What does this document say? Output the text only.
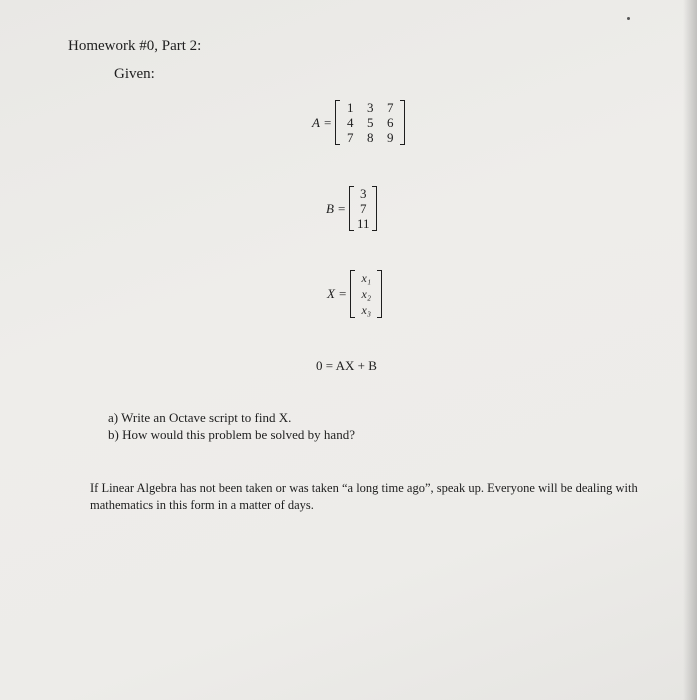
Homework #0, Part 2:
Given:
A =
1	3	7
4	5	6
7	8	9
B =
3
7
11
X =
x₁
x₂
x₃
0 = AX + B
a) Write an Octave script to find X.
b) How would this problem be solved by hand?
If Linear Algebra has not been taken or was taken “a long time ago”, speak up. Everyone will be dealing with mathematics in this form in a matter of days.
